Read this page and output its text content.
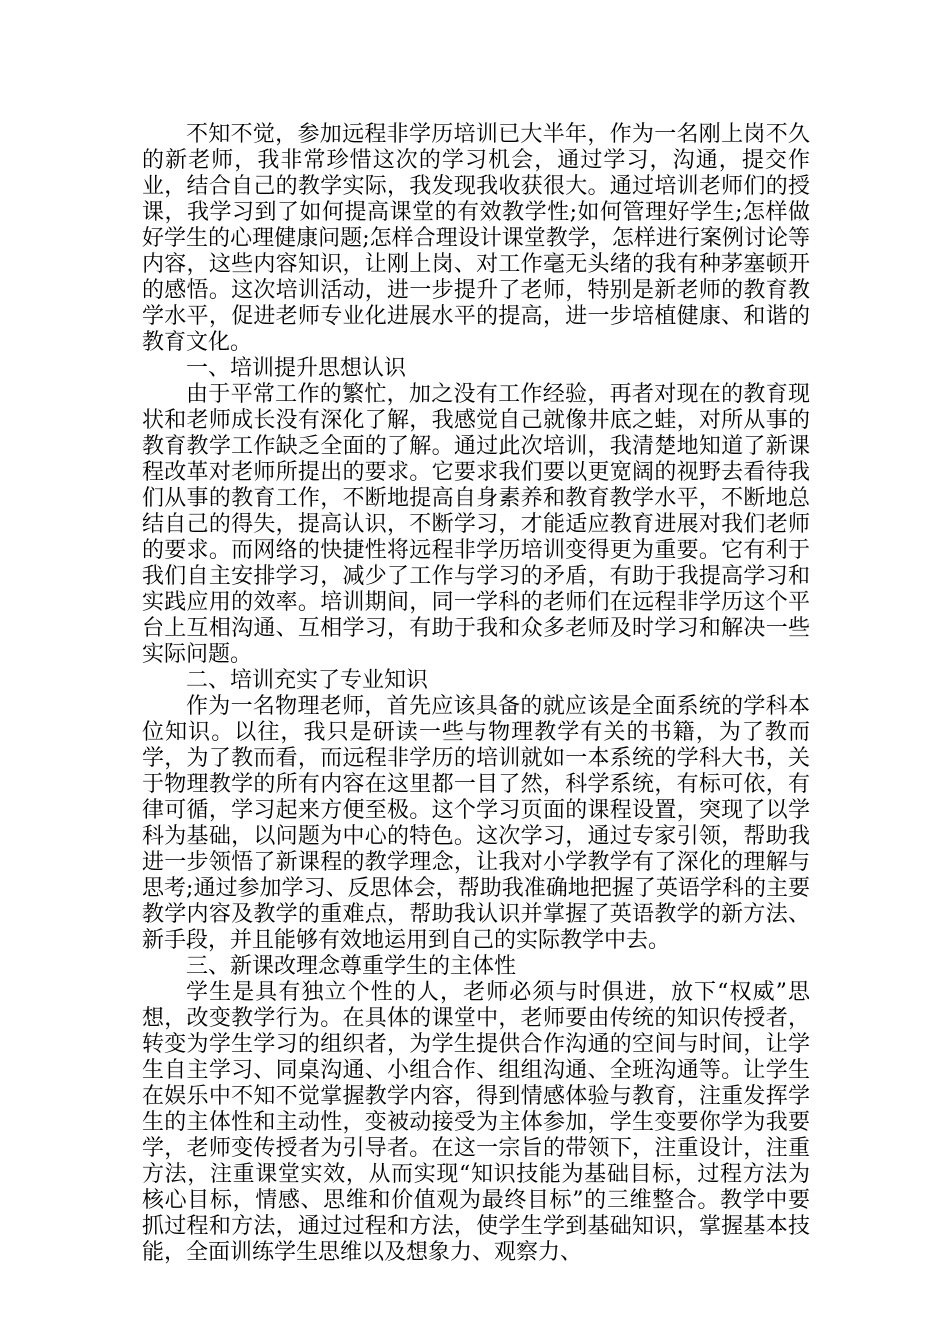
不知不觉，参加远程非学历培训已大半年，作为一名刚上岗不久的新老师，我非常珍惜这次的学习机会，通过学习，沟通，提交作业，结合自己的教学实际，我发现我收获很大。通过培训老师们的授课，我学习到了如何提高课堂的有效教学性;如何管理好学生;怎样做好学生的心理健康问题;怎样合理设计课堂教学，怎样进行案例讨论等内容，这些内容知识，让刚上岗、对工作毫无头绪的我有种茅塞顿开的感悟。这次培训活动，进一步提升了老师，特别是新老师的教育教学水平，促进老师专业化进展水平的提高，进一步培植健康、和谐的教育文化。

一、培训提升思想认识

由于平常工作的繁忙，加之没有工作经验，再者对现在的教育现状和老师成长没有深化了解，我感觉自己就像井底之蛙，对所从事的教育教学工作缺乏全面的了解。通过此次培训，我清楚地知道了新课程改革对老师所提出的要求。它要求我们要以更宽阔的视野去看待我们从事的教育工作，不断地提高自身素养和教育教学水平，不断地总结自己的得失，提高认识，不断学习，才能适应教育进展对我们老师的要求。而网络的快捷性将远程非学历培训变得更为重要。它有利于我们自主安排学习，减少了工作与学习的矛盾，有助于我提高学习和实践应用的效率。培训期间，同一学科的老师们在远程非学历这个平台上互相沟通、互相学习，有助于我和众多老师及时学习和解决一些实际问题。

二、培训充实了专业知识

作为一名物理老师，首先应该具备的就应该是全面系统的学科本位知识。以往，我只是研读一些与物理教学有关的书籍，为了教而学，为了教而看，而远程非学历的培训就如一本系统的学科大书，关于物理教学的所有内容在这里都一目了然，科学系统，有标可依，有律可循，学习起来方便至极。这个学习页面的课程设置，突现了以学科为基础，以问题为中心的特色。这次学习，通过专家引领，帮助我进一步领悟了新课程的教学理念，让我对小学教学有了深化的理解与思考;通过参加学习、反思体会，帮助我准确地把握了英语学科的主要教学内容及教学的重难点，帮助我认识并掌握了英语教学的新方法、新手段，并且能够有效地运用到自己的实际教学中去。

三、新课改理念尊重学生的主体性

学生是具有独立个性的人，老师必须与时俱进，放下“权威”思想，改变教学行为。在具体的课堂中，老师要由传统的知识传授者，转变为学生学习的组织者，为学生提供合作沟通的空间与时间，让学生自主学习、同桌沟通、小组合作、组组沟通、全班沟通等。让学生在娱乐中不知不觉掌握教学内容，得到情感体验与教育，注重发挥学生的主体性和主动性，变被动接受为主体参加，学生变要你学为我要学，老师变传授者为引导者。在这一宗旨的带领下，注重设计，注重方法，注重课堂实效，从而实现“知识技能为基础目标，过程方法为核心目标，情感、思维和价值观为最终目标”的三维整合。教学中要抓过程和方法，通过过程和方法，使学生学到基础知识，掌握基本技能，全面训练学生思维以及想象力、观察力、
